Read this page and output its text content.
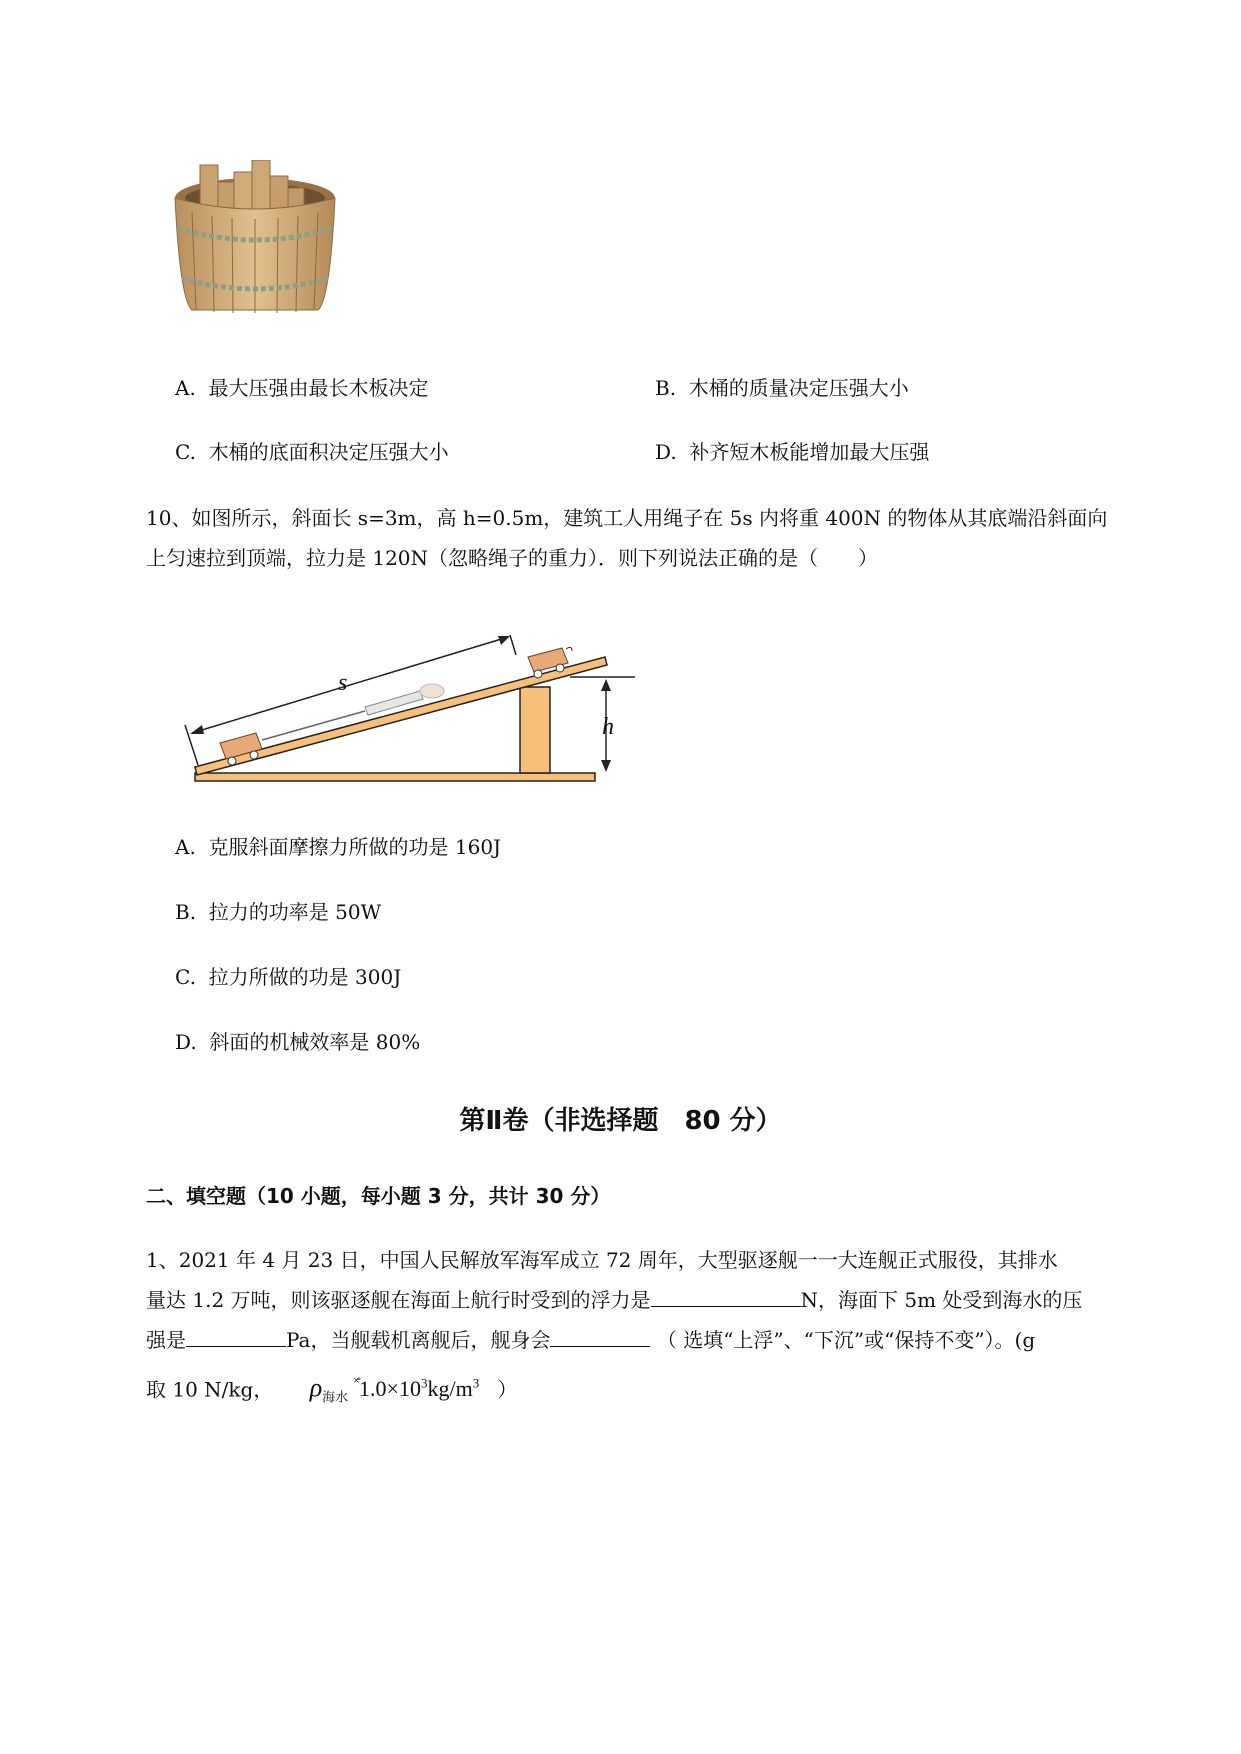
A. 最大压强由最长木板决定	B. 木桶的质量决定压强大小
C. 木桶的底面积决定压强大小	D. 补齐短木板能增加最大压强
10、如图所示，斜面长 s=3m，高 h=0.5m，建筑工人用绳子在 5s 内将重 400N 的物体从其底端沿斜面向
上匀速拉到顶端，拉力是 120N（忽略绳子的重力）．则下列说法正确的是（　　）
h
s
A. 克服斜面摩擦力所做的功是 160J
B. 拉力的功率是 50W
C. 拉力所做的功是 300J
D. 斜面的机械效率是 80%
第Ⅱ卷（非选择题　80 分）
二、填空题（10 小题，每小题 3 分，共计 30 分）
1、2021 年 4 月 23 日，中国人民解放军海军成立 72 周年，大型驱逐舰一一大连舰正式服役，其排水
量达 1.2 万吨，则该驱逐舰在海面上航行时受到的浮力是	N，海面下 5m 处受到海水的压
强是	Pa，当舰载机离舰后，舰身会	（ 选填“上浮”、“下沉”或“保持不变”）。(g
取 10 N/kg， $\rho_{海水}$ $^{˟̊}1.0\times 10^3kg/m^3$ ）
